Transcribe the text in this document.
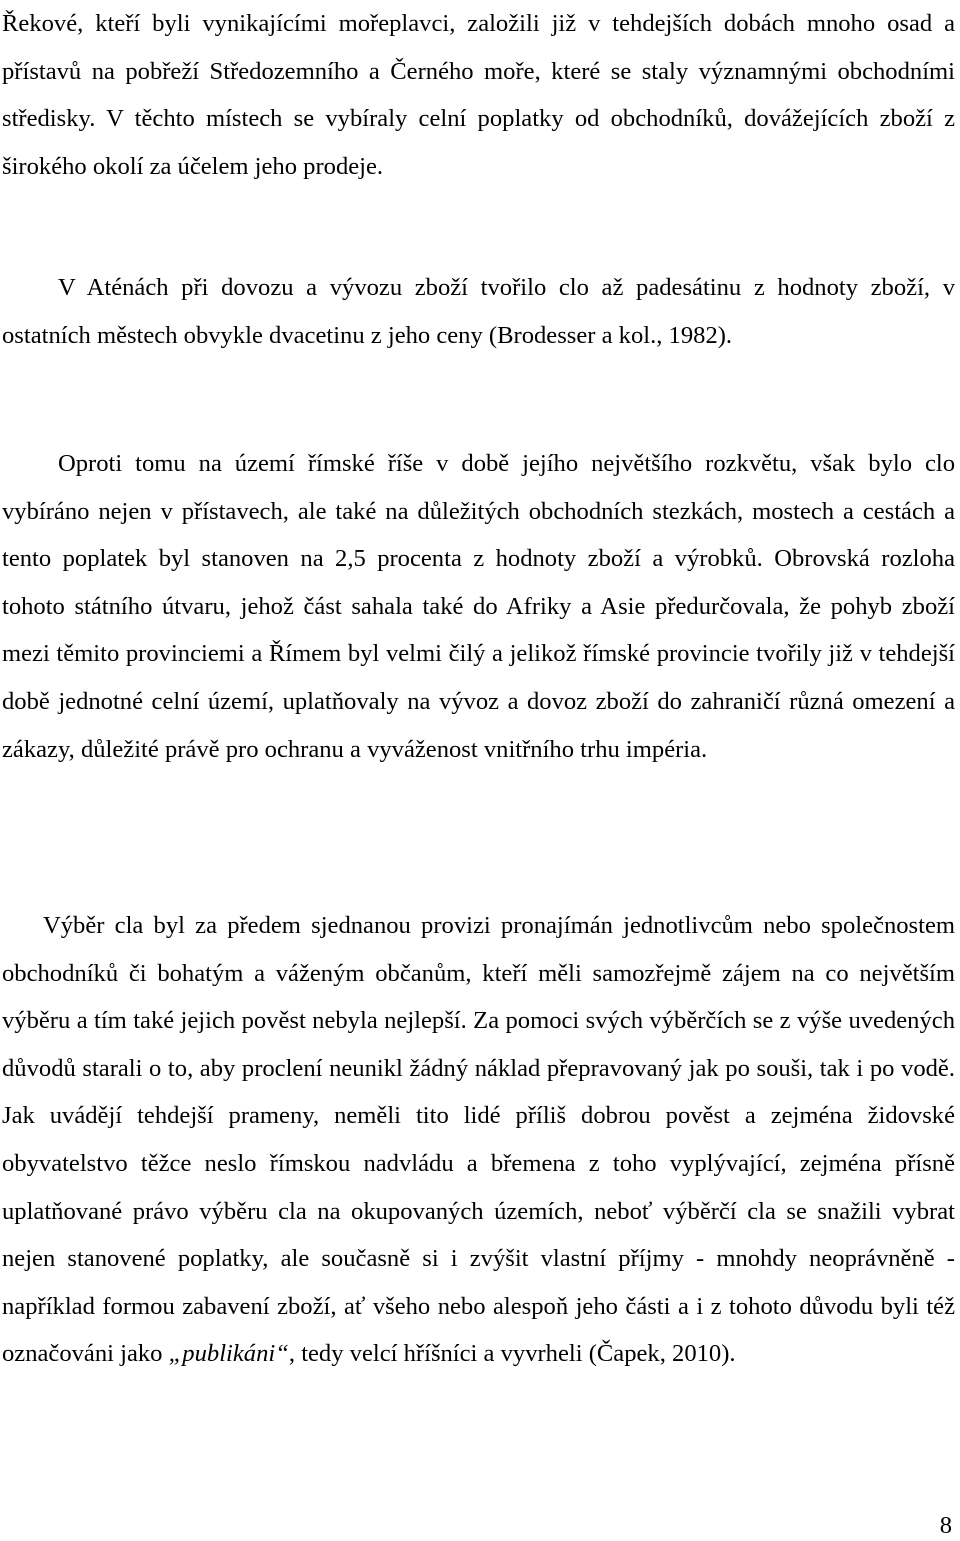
Řekové, kteří byli vynikajícími mořeplavci, založili již v tehdejších dobách mnoho osad a přístavů na pobřeží Středozemního a Černého moře, které se staly významnými obchodními středisky. V těchto místech se vybíraly celní poplatky od obchodníků, dovážejících zboží z širokého okolí za účelem jeho prodeje.

V Aténách při dovozu a vývozu zboží tvořilo clo až padesátinu z hodnoty zboží, v ostatních městech obvykle dvacetinu z jeho ceny (Brodesser a kol., 1982).

Oproti tomu na území římské říše v době jejího největšího rozkvětu, však bylo clo vybíráno nejen v přístavech, ale také na důležitých obchodních stezkách, mostech a cestách a tento poplatek byl stanoven na 2,5 procenta z hodnoty zboží a výrobků. Obrovská rozloha tohoto státního útvaru, jehož část sahala také do Afriky a Asie předurčovala, že pohyb zboží mezi těmito provinciemi a Římem byl velmi čilý a jelikož římské provincie tvořily již v tehdejší době jednotné celní území, uplatňovaly na vývoz a dovoz zboží do zahraničí různá omezení a zákazy, důležité právě pro ochranu a vyváženost vnitřního trhu impéria.

Výběr cla byl za předem sjednanou provizi pronajímán jednotlivcům nebo společnostem obchodníků či bohatým a váženým občanům, kteří měli samozřejmě zájem na co největším výběru a tím také jejich pověst nebyla nejlepší. Za pomoci svých výběrčích se z výše uvedených důvodů starali o to, aby proclení neunikl žádný náklad přepravovaný jak po souši, tak i po vodě. Jak uvádějí tehdejší prameny, neměli tito lidé příliš dobrou pověst a zejména židovské obyvatelstvo těžce neslo římskou nadvládu a břemena z toho vyplývající, zejména přísně uplatňované právo výběru cla na okupovaných územích, neboť výběrčí cla se snažili vybrat nejen stanovené poplatky, ale současně si i zvýšit vlastní příjmy - mnohdy neoprávněně - například formou zabavení zboží, ať všeho nebo alespoň jeho části a i z tohoto důvodu byli též označováni jako „publikáni“, tedy velcí hříšníci a vyvrheli (Čapek, 2010).

8
